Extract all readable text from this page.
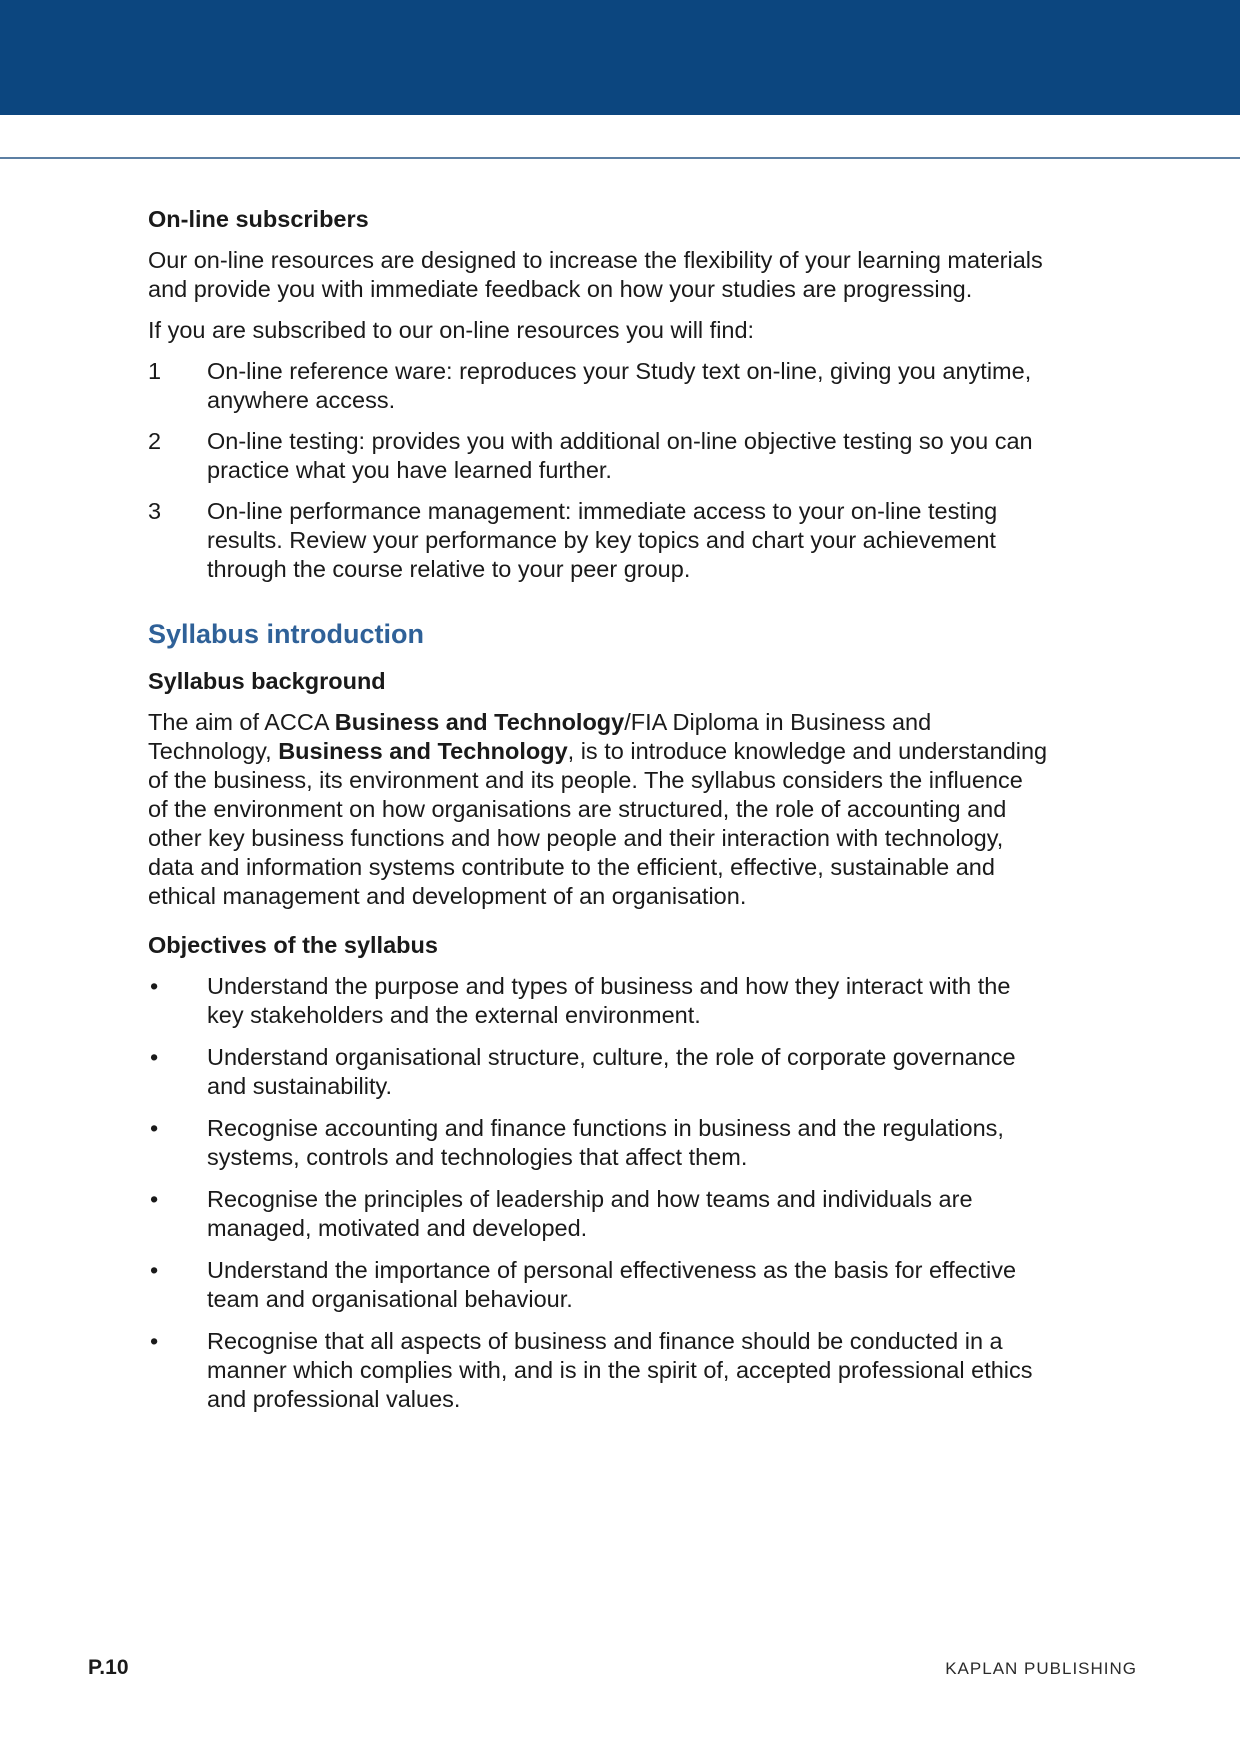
On-line subscribers

Our on-line resources are designed to increase the flexibility of your learning materials and provide you with immediate feedback on how your studies are progressing.

If you are subscribed to our on-line resources you will find:

1	On-line reference ware: reproduces your Study text on-line, giving you anytime, anywhere access.
2	On-line testing: provides you with additional on-line objective testing so you can practice what you have learned further.
3	On-line performance management: immediate access to your on-line testing results. Review your performance by key topics and chart your achievement through the course relative to your peer group.
Syllabus introduction
Syllabus background

The aim of ACCA Business and Technology/FIA Diploma in Business and Technology, Business and Technology, is to introduce knowledge and understanding of the business, its environment and its people. The syllabus considers the influence of the environment on how organisations are structured, the role of accounting and other key business functions and how people and their interaction with technology, data and information systems contribute to the efficient, effective, sustainable and ethical management and development of an organisation.

Objectives of the syllabus
•	Understand the purpose and types of business and how they interact with the key stakeholders and the external environment.
•	Understand organisational structure, culture, the role of corporate governance and sustainability.
•	Recognise accounting and finance functions in business and the regulations, systems, controls and technologies that affect them.
•	Recognise the principles of leadership and how teams and individuals are managed, motivated and developed.
•	Understand the importance of personal effectiveness as the basis for effective team and organisational behaviour.
•	Recognise that all aspects of business and finance should be conducted in a manner which complies with, and is in the spirit of, accepted professional ethics and professional values.
P.10	KAPLAN PUBLISHING
